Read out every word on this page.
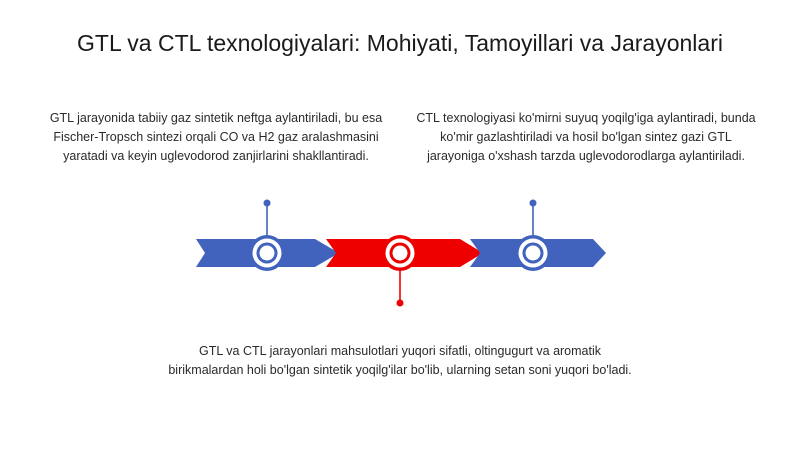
GTL va CTL texnologiyalari: Mohiyati, Tamoyillari va Jarayonlari
GTL jarayonida tabiiy gaz sintetik neftga aylantiriladi, bu esa Fischer-Tropsch sintezi orqali CO va H2 gaz aralashmasini yaratadi va keyin uglevodorod zanjirlarini shakllantiradi.
CTL texnologiyasi ko'mirni suyuq yoqilg'iga aylantiradi, bunda ko'mir gazlashtiriladi va hosil bo'lgan sintez gazi GTL jarayoniga o'xshash tarzda uglevodorodlarga aylantiriladi.
GTL va CTL jarayonlari mahsulotlari yuqori sifatli, oltingugurt va aromatik birikmalardan holi bo'lgan sintetik yoqilg'ilar bo'lib, ularning setan soni yuqori bo'ladi.
